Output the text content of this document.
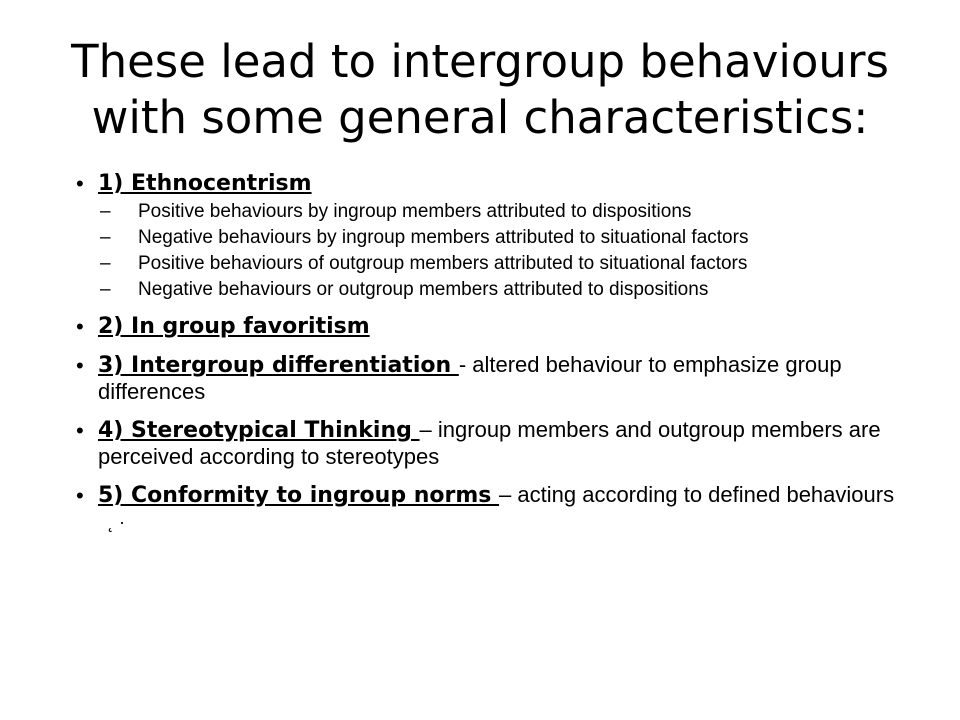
These lead to intergroup behaviours with some general characteristics:
• 1) Ethnocentrism
– Positive behaviours by ingroup members attributed to dispositions
– Negative behaviours by ingroup members attributed to situational factors
– Positive behaviours of outgroup members attributed to situational factors
– Negative behaviours or outgroup members attributed to dispositions
• 2) In group favoritism
• 3) Intergroup differentiation - altered behaviour to emphasize group differences
• 4) Stereotypical Thinking – ingroup members and outgroup members are perceived according to stereotypes
• 5) Conformity to ingroup norms – acting according to defined behaviours˛ ·
